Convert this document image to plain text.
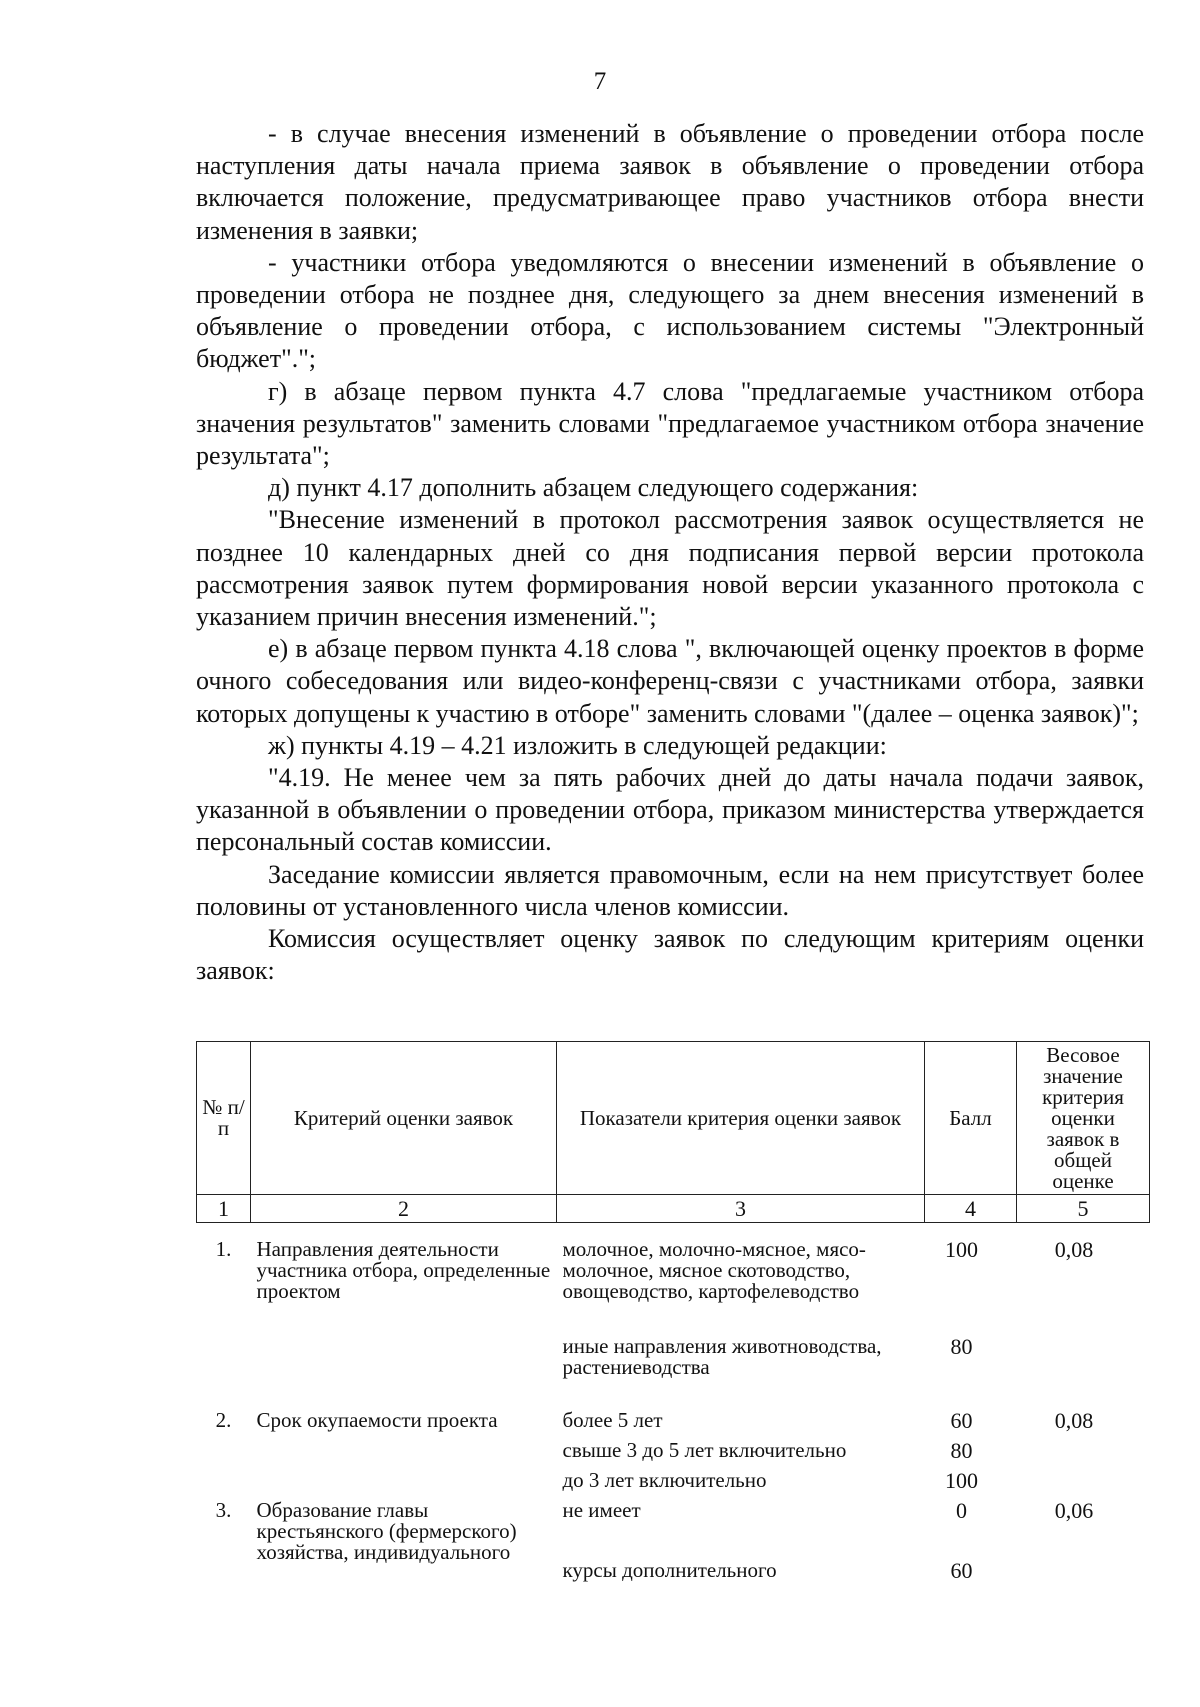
7

- в случае внесения изменений в объявление о проведении отбора после наступления даты начала приема заявок в объявление о проведении отбора включается положение, предусматривающее право участников отбора внести изменения в заявки;

- участники отбора уведомляются о внесении изменений в объявление о проведении отбора не позднее дня, следующего за днем внесения изменений в объявление о проведении отбора, с использованием системы "Электронный бюджет".";

г) в абзаце первом пункта 4.7 слова "предлагаемые участником отбора значения результатов" заменить словами "предлагаемое участником отбора значение результата";

д) пункт 4.17 дополнить абзацем следующего содержания:

"Внесение изменений в протокол рассмотрения заявок осуществляется не позднее 10 календарных дней со дня подписания первой версии протокола рассмотрения заявок путем формирования новой версии указанного протокола с указанием причин внесения изменений.";

е) в абзаце первом пункта 4.18 слова ", включающей оценку проектов в форме очного собеседования или видео-конференц-связи с участниками отбора, заявки которых допущены к участию в отборе" заменить словами "(далее – оценка заявок)";

ж) пункты 4.19 – 4.21 изложить в следующей редакции:

"4.19. Не менее чем за пять рабочих дней до даты начала подачи заявок, указанной в объявлении о проведении отбора, приказом министерства утверждается персональный состав комиссии.

Заседание комиссии является правомочным, если на нем присутствует более половины от установленного числа членов комиссии.

Комиссия осуществляет оценку заявок по следующим критериям оценки заявок:

№ п/п	Критерий оценки заявок	Показатели критерия оценки заявок	Балл	Весовое значение критерия оценки заявок в общей оценке
1	2	3	4	5
1.	Направления деятельности участника отбора, определенные проектом	молочное, молочно-мясное, мясо-молочное, мясное скотоводство, овощеводство, картофелеводство	100	0,08
		иные направления животноводства, растениеводства	80	
2.	Срок окупаемости проекта	более 5 лет	60	0,08
		свыше 3 до 5 лет включительно	80	
		до 3 лет включительно	100	
3.	Образование главы крестьянского (фермерского) хозяйства, индивидуального	не имеет	0	0,06
		курсы дополнительного	60	
